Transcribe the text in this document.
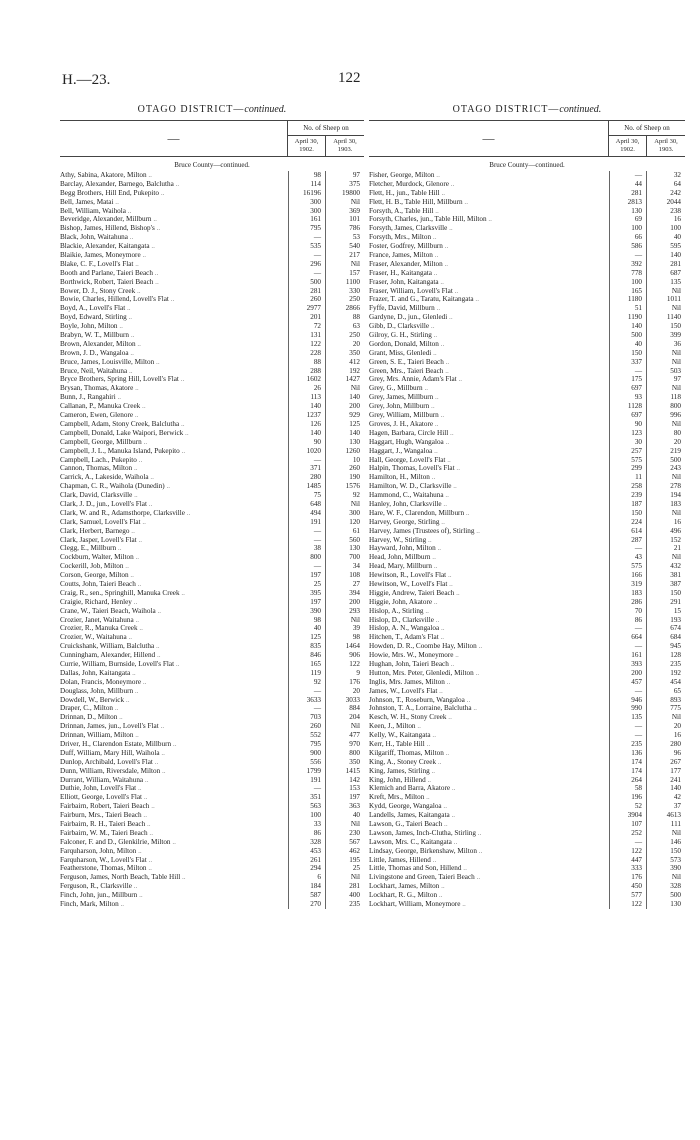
H.—23.	122
OTAGO DISTRICT—continued.
—
No. of Sheep on
April 30, 1902.
April 30, 1903.
Bruce County—continued.
Athy, Sabina, Akatore, Milton ..	98	97
Barclay, Alexander, Barnego, Balclutha ..	114	375
Begg Brothers, Hill End, Pukepito ..	16196	19800
Bell, James, Matai ..	300	Nil
Bell, William, Waihola ..	300	369
Beveridge, Alexander, Millburn ..	161	101
Bishop, James, Hillend, Bishop's ..	795	786
Black, John, Waitahuna ..	—	53
Blackie, Alexander, Kaitangata ..	535	540
Blaikie, James, Moneymore ..	—	217
Blake, C. F., Lovell's Flat ..	296	Nil
Booth and Parlane, Taieri Beach ..	—	157
Borthwick, Robert, Taieri Beach ..	500	1100
Bower, D. J., Stony Creek ..	281	330
Bowie, Charles, Hillend, Lovell's Flat ..	260	250
Boyd, A., Lovell's Flat ..	2977	2866
Boyd, Edward, Stirling ..	201	88
Boyle, John, Milton ..	72	63
Brabyn, W. T., Millburn ..	131	250
Brown, Alexander, Milton ..	122	20
Brown, J. D., Wangaloa ..	228	350
Bruce, James, Louisville, Milton ..	88	412
Bruce, Neil, Waitahuna ..	288	192
Bryce Brothers, Spring Hill, Lovell's Flat ..	1602	1427
Brysan, Thomas, Akatore ..	26	Nil
Bunn, J., Rangahiri ..	113	140
Callanan, P., Manuka Creek ..	140	200
Cameron, Ewen, Glenore ..	1237	929
Campbell, Adam, Stony Creek, Balclutha ..	126	125
Campbell, Donald, Lake Waipori, Berwick ..	140	140
Campbell, George, Millburn ..	90	130
Campbell, J. L., Manuka Island, Pukepito ..	1020	1260
Campbell, Lach., Pukepito ..	—	10
Cannon, Thomas, Milton ..	371	260
Carrick, A., Lakeside, Waihola ..	280	190
Chapman, C. R., Waihola (Dunedin) ..	1485	1576
Clark, David, Clarksville ..	75	92
Clark, J. D., jun., Lovell's Flat ..	648	Nil
Clark, W. and R., Adamsthorpe, Clarksville ..	494	300
Clark, Samuel, Lovell's Flat ..	191	120
Clark, Herbert, Barnego ..	—	61
Clark, Jasper, Lovell's Flat ..	—	560
Clegg, E., Millburn ..	38	130
Cockburn, Walter, Milton ..	800	700
Cockerill, Job, Milton ..	—	34
Corson, George, Milton ..	197	108
Coutts, John, Taieri Beach ..	25	27
Craig, R., sen., Springhill, Manuka Creek ..	395	394
Craigie, Richard, Henley ..	197	200
Crane, W., Taieri Beach, Waihola ..	390	293
Crozier, Janet, Waitahuna ..	98	Nil
Crozier, R., Manuka Creek ..	40	39
Crozier, W., Waitahuna ..	125	98
Cruickshank, William, Balclutha ..	835	1464
Cunningham, Alexander, Hillend ..	846	906
Currie, William, Burnside, Lovell's Flat ..	165	122
Dallas, John, Kaitangata ..	119	9
Dolan, Francis, Moneymore ..	92	176
Douglass, John, Millburn ..	—	20
Dowdell, W., Berwick ..	3633	3033
Draper, C., Milton ..	—	884
Drinnan, D., Milton ..	703	204
Drinnan, James, jun., Lovell's Flat ..	260	Nil
Drinnan, William, Milton ..	552	477
Driver, H., Clarendon Estate, Millburn ..	795	970
Duff, William, Mary Hill, Waihola ..	900	800
Dunlop, Archibald, Lovell's Flat ..	556	350
Dunn, William, Riversdale, Milton ..	1799	1415
Durrant, William, Waitahuna ..	191	142
Duthie, John, Lovell's Flat ..	—	153
Elliott, George, Lovell's Flat ..	351	197
Fairbairn, Robert, Taieri Beach ..	563	363
Fairburn, Mrs., Taieri Beach ..	100	40
Fairbairn, R. H., Taieri Beach ..	33	Nil
Fairbairn, W. M., Taieri Beach ..	86	230
Falconer, F. and D., Glenkilrie, Milton ..	328	567
Farquharson, John, Milton ..	453	462
Farquharson, W., Lovell's Flat ..	261	195
Featherstone, Thomas, Milton ..	294	25
Ferguson, James, North Beach, Table Hill ..	6	Nil
Ferguson, R., Clarksville ..	184	281
Finch, John, jun., Millburn ..	587	400
Finch, Mark, Milton ..	270	235
OTAGO DISTRICT—continued.
—
No. of Sheep on
April 30, 1902.
April 30, 1903.
Bruce County—continued.
Fisher, George, Milton ..	—	32
Fletcher, Murdock, Glenore ..	44	64
Flett, H., jun., Table Hill ..	281	242
Flett, H. B., Table Hill, Millburn ..	2813	2044
Forsyth, A., Table Hill ..	130	238
Forsyth, Charles, jun., Table Hill, Milton ..	69	16
Forsyth, James, Clarksville ..	100	100
Forsyth, Mrs., Milton ..	66	40
Foster, Godfrey, Millburn ..	586	595
France, James, Milton ..	—	140
Fraser, Alexander, Milton ..	392	281
Fraser, H., Kaitangata ..	778	687
Fraser, John, Kaitangata ..	100	135
Fraser, William, Lovell's Flat ..	165	Nil
Frazer, T. and G., Taratu, Kaitangata ..	1180	1011
Fyffe, David, Millburn ..	51	Nil
Gardyne, D., jun., Glenledi ..	1190	1140
Gibb, D., Clarksville ..	140	150
Gilroy, G. H., Stirling ..	500	399
Gordon, Donald, Milton ..	40	36
Grant, Miss, Glenledi ..	150	Nil
Green, S. E., Taieri Beach ..	337	Nil
Green, Mrs., Taieri Beach ..	—	503
Grey, Mrs. Annie, Adam's Flat ..	175	97
Grey, G., Millburn ..	697	Nil
Grey, James, Millburn ..	93	118
Grey, John, Millburn ..	1128	800
Grey, William, Millburn ..	697	996
Groves, J. H., Akatore ..	90	Nil
Hagen, Barbara, Circle Hill ..	123	80
Haggart, Hugh, Wangaloa ..	30	20
Haggart, J., Wangaloa ..	257	219
Hall, George, Lovell's Flat ..	575	500
Halpin, Thomas, Lovell's Flat ..	299	243
Hamilton, H., Milton ..	11	Nil
Hamilton, W. D., Clarksville ..	258	278
Hammond, C., Waitahuna ..	239	194
Hanley, John, Clarksville ..	187	183
Hare, W. F., Clarendon, Millburn ..	150	Nil
Harvey, George, Stirling ..	224	16
Harvey, James (Trustees of), Stirling ..	614	496
Harvey, W., Stirling ..	287	152
Hayward, John, Milton ..	—	21
Head, John, Millburn ..	43	Nil
Head, Mary, Millburn ..	575	432
Hewitson, R., Lovell's Flat ..	166	381
Hewitson, W., Lovell's Flat ..	319	387
Higgie, Andrew, Taieri Beach ..	183	150
Higgie, John, Akatore ..	286	291
Hislop, A., Stirling ..	70	15
Hislop, D., Clarksville ..	86	193
Hislop, A. N., Wangaloa ..	—	674
Hitchen, T., Adam's Flat ..	664	684
Howden, D. R., Coombe Hay, Milton ..	—	945
Howie, Mrs. W., Moneymore ..	161	128
Hughan, John, Taieri Beach ..	393	235
Hutton, Mrs. Peter, Glenledi, Milton ..	200	192
Inglis, Mrs. James, Milton ..	457	454
James, W., Lovell's Flat ..	—	65
Johnson, T., Roseburn, Wangaloa ..	946	893
Johnston, T. A., Lorraine, Balclutha ..	990	775
Kesch, W. H., Stony Creek ..	135	Nil
Keen, J., Milton ..	—	20
Kelly, W., Kaitangata ..	—	16
Kerr, H., Table Hill ..	235	280
Kilgariff, Thomas, Milton ..	136	96
King, A., Stoney Creek ..	174	267
King, James, Stirling ..	174	177
King, John, Hillend ..	264	241
Klemich and Barra, Akatore ..	58	140
Kreft, Mrs., Milton ..	196	42
Kydd, George, Wangaloa ..	52	37
Landells, James, Kaitangata ..	3904	4613
Lawson, G., Taieri Beach ..	107	111
Lawson, James, Inch-Clutha, Stirling ..	252	Nil
Lawson, Mrs. C., Kaitangata ..	—	146
Lindsay, George, Birkenshaw, Milton ..	122	150
Little, James, Hillend ..	447	573
Little, Thomas and Son, Hillend ..	333	390
Livingstone and Green, Taieri Beach ..	176	Nil
Lockhart, James, Milton ..	450	328
Lockhart, R. G., Milton ..	577	500
Lockhart, William, Moneymore ..	122	130
